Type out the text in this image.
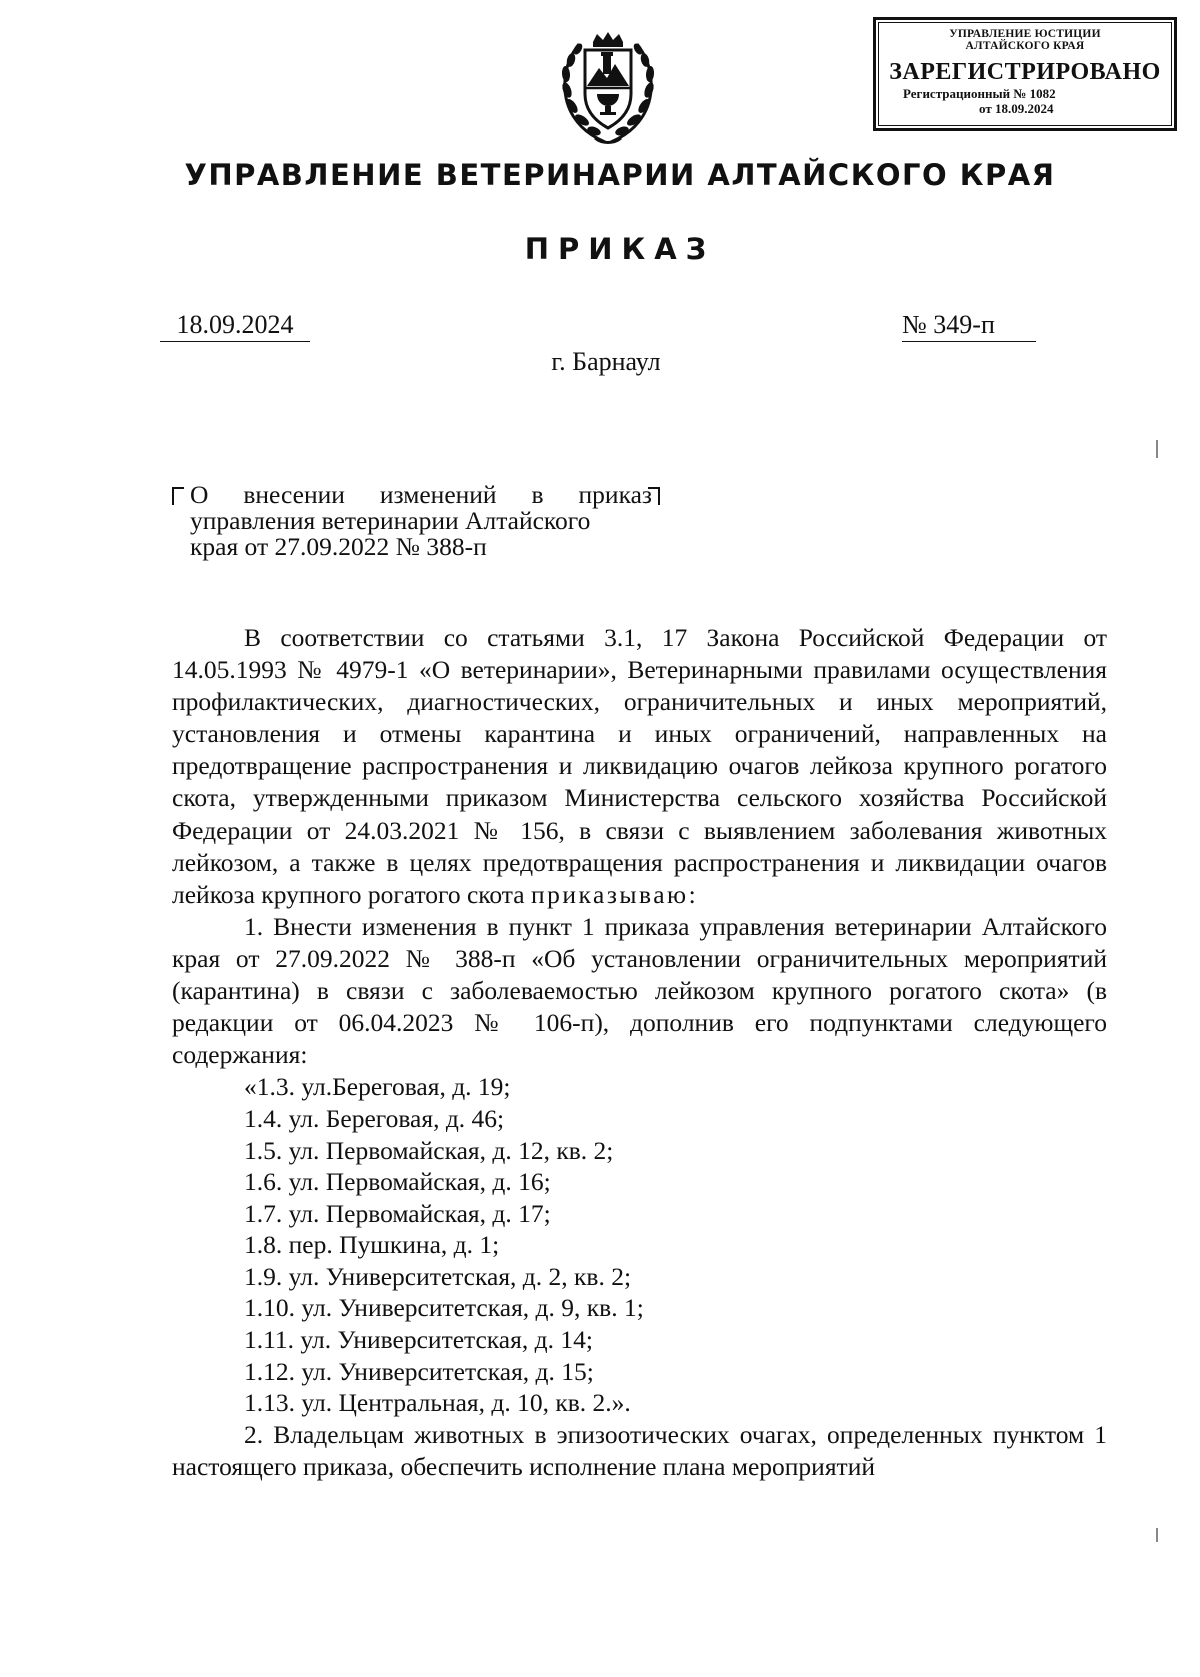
УПРАВЛЕНИЕ ЮСТИЦИИ
АЛТАЙСКОГО КРАЯ
ЗАРЕГИСТРИРОВАНО
Регистрационный № 1082
от 18.09.2024
УПРАВЛЕНИЕ ВЕТЕРИНАРИИ АЛТАЙСКОГО КРАЯ
ПРИКАЗ
18.09.2024	№ 349-п
г. Барнаул
О внесении изменений в приказ
управления ветеринарии Алтайского
края от 27.09.2022 № 388-п

В соответствии со статьями 3.1, 17 Закона Российской Федерации от 14.05.1993 № 4979-1 «О ветеринарии», Ветеринарными правилами осуществления профилактических, диагностических, ограничительных и иных мероприятий, установления и отмены карантина и иных ограничений, направленных на предотвращение распространения и ликвидацию очагов лейкоза крупного рогатого скота, утвержденными приказом Министерства сельского хозяйства Российской Федерации от 24.03.2021 № 156, в связи с выявлением заболевания животных лейкозом, а также в целях предотвращения распространения и ликвидации очагов лейкоза крупного рогатого скота приказываю:

1. Внести изменения в пункт 1 приказа управления ветеринарии Алтайского края от 27.09.2022 № 388-п «Об установлении ограничительных мероприятий (карантина) в связи с заболеваемостью лейкозом крупного рогатого скота» (в редакции от 06.04.2023 № 106-п), дополнив его подпунктами следующего содержания:

«1.3. ул.Береговая, д. 19;
1.4. ул. Береговая, д. 46;
1.5. ул. Первомайская, д. 12, кв. 2;
1.6. ул. Первомайская, д. 16;
1.7. ул. Первомайская, д. 17;
1.8. пер. Пушкина, д. 1;
1.9. ул. Университетская, д. 2, кв. 2;
1.10. ул. Университетская, д. 9, кв. 1;
1.11. ул. Университетская, д. 14;
1.12. ул. Университетская, д. 15;
1.13. ул. Центральная, д. 10, кв. 2.».

2. Владельцам животных в эпизоотических очагах, определенных пунктом 1 настоящего приказа, обеспечить исполнение плана мероприятий
